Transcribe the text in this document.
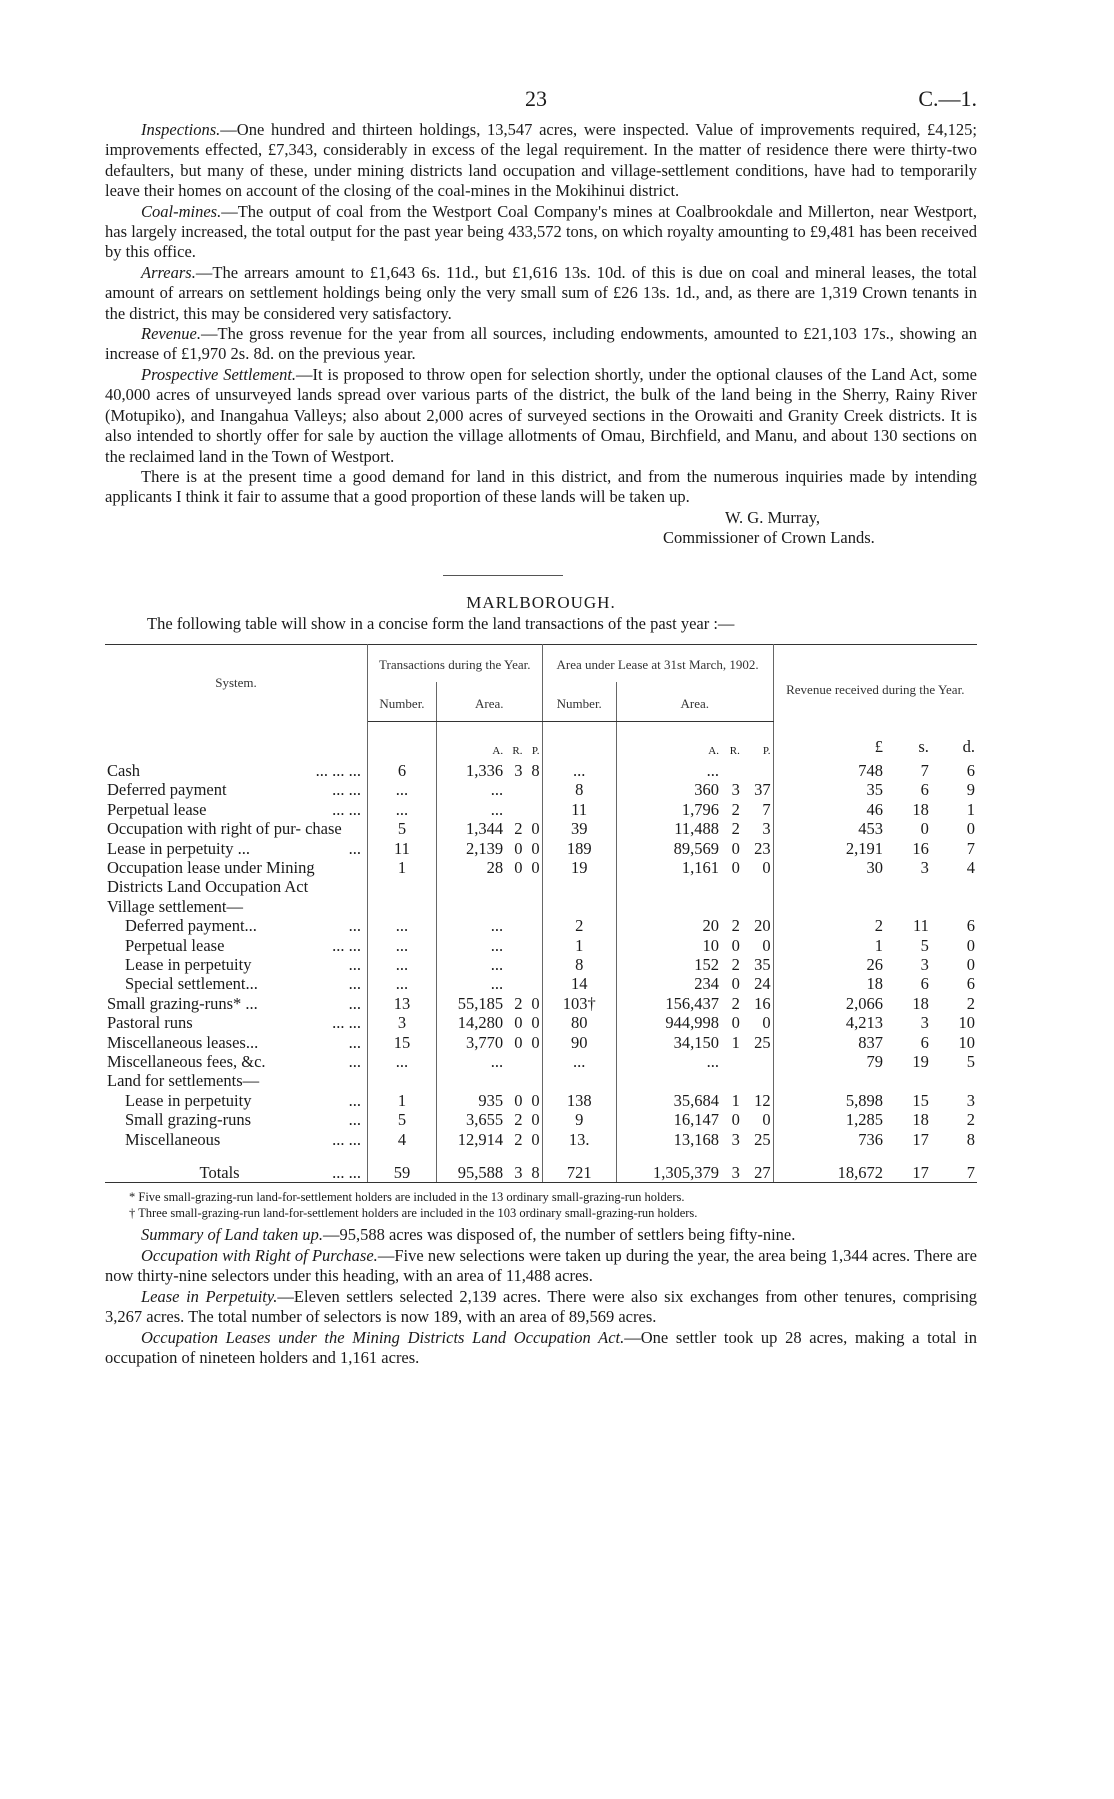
23	C.—1.

Inspections.—One hundred and thirteen holdings, 13,547 acres, were inspected. Value of improvements required, £4,125; improvements effected, £7,343, considerably in excess of the legal requirement. In the matter of residence there were thirty-two defaulters, but many of these, under mining districts land occupation and village-settlement conditions, have had to temporarily leave their homes on account of the closing of the coal-mines in the Mokihinui district.

Coal-mines.—The output of coal from the Westport Coal Company's mines at Coalbrookdale and Millerton, near Westport, has largely increased, the total output for the past year being 433,572 tons, on which royalty amounting to £9,481 has been received by this office.

Arrears.—The arrears amount to £1,643 6s. 11d., but £1,616 13s. 10d. of this is due on coal and mineral leases, the total amount of arrears on settlement holdings being only the very small sum of £26 13s. 1d., and, as there are 1,319 Crown tenants in the district, this may be considered very satisfactory.

Revenue.—The gross revenue for the year from all sources, including endowments, amounted to £21,103 17s., showing an increase of £1,970 2s. 8d. on the previous year.

Prospective Settlement.—It is proposed to throw open for selection shortly, under the optional clauses of the Land Act, some 40,000 acres of unsurveyed lands spread over various parts of the district, the bulk of the land being in the Sherry, Rainy River (Motupiko), and Inangahua Valleys; also about 2,000 acres of surveyed sections in the Orowaiti and Granity Creek districts. It is also intended to shortly offer for sale by auction the village allotments of Omau, Birchfield, and Manu, and about 130 sections on the reclaimed land in the Town of Westport.

There is at the present time a good demand for land in this district, and from the numerous inquiries made by intending applicants I think it fair to assume that a good proportion of these lands will be taken up.

W. G. Murray,
Commissioner of Crown Lands.
MARLBOROUGH.
The following table will show in a concise form the land transactions of the past year :—
System.	Transactions during the Year.				Area under Lease at 31st March, 1902.				Revenue received during the Year.		
	Number.	Area.			Number.	Area.					
		A.	R.	P.		A.	R.	P.	£	s.	d.
Cash ... ... ...	6	1,336	3	8	...	...			748	7	6
Deferred payment ... ...	...	...			8	360	3	37	35	6	9
Perpetual lease ... ...	...	...			11	1,796	2	7	46	18	1
Occupation with right of pur- chase	5	1,344	2	0	39	11,488	2	3	453	0	0
Lease in perpetuity ... ...	11	2,139	0	0	189	89,569	0	23	2,191	16	7
Occupation lease under Mining Districts Land Occupation Act	1	28	0	0	19	1,161	0	0	30	3	4
Village settlement—											
Deferred payment... ...	...	...			2	20	2	20	2	11	6
Perpetual lease ... ...	...	...			1	10	0	0	1	5	0
Lease in perpetuity ...	...	...			8	152	2	35	26	3	0
Special settlement... ...	...	...			14	234	0	24	18	6	6
Small grazing-runs* ... ...	13	55,185	2	0	103†	156,437	2	16	2,066	18	2
Pastoral runs ... ...	3	14,280	0	0	80	944,998	0	0	4,213	3	10
Miscellaneous leases... ...	15	3,770	0	0	90	34,150	1	25	837	6	10
Miscellaneous fees, &c. ...	...	...			...	...			79	19	5
Land for settlements—											
Lease in perpetuity ...	1	935	0	0	138	35,684	1	12	5,898	15	3
Small grazing-runs ...	5	3,655	2	0	9	16,147	0	0	1,285	18	2
Miscellaneous ... ...	4	12,914	2	0	13.	13,168	3	25	736	17	8
Totals ... ...	59	95,588	3	8	721	1,305,379	3	27	18,672	17	7
* Five small-grazing-run land-for-settlement holders are included in the 13 ordinary small-grazing-run holders.
† Three small-grazing-run land-for-settlement holders are included in the 103 ordinary small-grazing-run holders.

Summary of Land taken up.—95,588 acres was disposed of, the number of settlers being fifty-nine.

Occupation with Right of Purchase.—Five new selections were taken up during the year, the area being 1,344 acres. There are now thirty-nine selectors under this heading, with an area of 11,488 acres.

Lease in Perpetuity.—Eleven settlers selected 2,139 acres. There were also six exchanges from other tenures, comprising 3,267 acres. The total number of selectors is now 189, with an area of 89,569 acres.

Occupation Leases under the Mining Districts Land Occupation Act.—One settler took up 28 acres, making a total in occupation of nineteen holders and 1,161 acres.
